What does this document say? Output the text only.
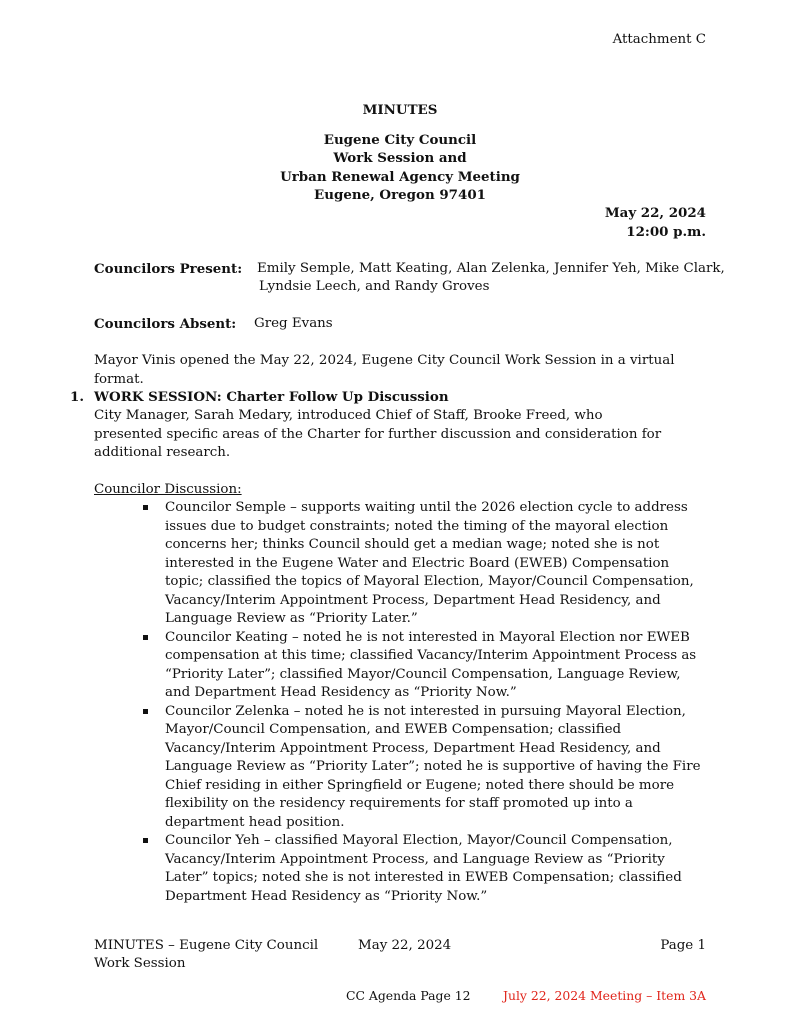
Attachment C
MINUTES
Eugene City Council
Work Session and
Urban Renewal Agency Meeting
Eugene, Oregon 97401
May 22, 2024
12:00 p.m.
Councilors Present: Emily Semple, Matt Keating, Alan Zelenka, Jennifer Yeh, Mike Clark,
Lyndsie Leech, and Randy Groves
Councilors Absent: Greg Evans
Mayor Vinis opened the May 22, 2024, Eugene City Council Work Session in a virtual format.
1. WORK SESSION: Charter Follow Up Discussion
City Manager, Sarah Medary, introduced Chief of Staff, Brooke Freed, who presented specific areas of the Charter for further discussion and consideration for additional research.
Councilor Discussion:
Councilor Semple – supports waiting until the 2026 election cycle to address issues due to budget constraints; noted the timing of the mayoral election concerns her; thinks Council should get a median wage; noted she is not interested in the Eugene Water and Electric Board (EWEB) Compensation topic; classified the topics of Mayoral Election, Mayor/Council Compensation, Vacancy/Interim Appointment Process, Department Head Residency, and Language Review as “Priority Later.”
Councilor Keating – noted he is not interested in Mayoral Election nor EWEB compensation at this time; classified Vacancy/Interim Appointment Process as “Priority Later”; classified Mayor/Council Compensation, Language Review, and Department Head Residency as “Priority Now.”
Councilor Zelenka – noted he is not interested in pursuing Mayoral Election, Mayor/Council Compensation, and EWEB Compensation; classified Vacancy/Interim Appointment Process, Department Head Residency, and Language Review as “Priority Later”; noted he is supportive of having the Fire Chief residing in either Springfield or Eugene; noted there should be more flexibility on the residency requirements for staff promoted up into a department head position.
Councilor Yeh – classified Mayoral Election, Mayor/Council Compensation, Vacancy/Interim Appointment Process, and Language Review as “Priority Later” topics; noted she is not interested in EWEB Compensation; classified Department Head Residency as “Priority Now.”
MINUTES – Eugene City Council
Work Session
May 22, 2024	Page 1
CC Agenda Page 12	July 22, 2024 Meeting – Item 3A
